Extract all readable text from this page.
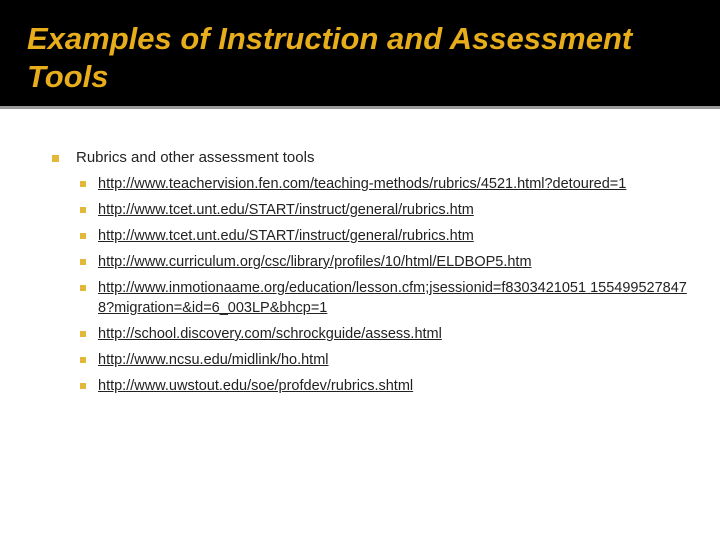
Examples of Instruction and Assessment Tools
Rubrics and other assessment tools
http://www.teachervision.fen.com/teaching-methods/rubrics/4521.html?detoured=1
http://www.tcet.unt.edu/START/instruct/general/rubrics.htm
http://www.tcet.unt.edu/START/instruct/general/rubrics.htm
http://www.curriculum.org/csc/library/profiles/10/html/ELDBOP5.htm
http://www.inmotionaame.org/education/lesson.cfm;jsessionid=f8303421051 1554995278478?migration=&id=6_003LP&bhcp=1
http://school.discovery.com/schrockguide/assess.html
http://www.ncsu.edu/midlink/ho.html
http://www.uwstout.edu/soe/profdev/rubrics.shtml
